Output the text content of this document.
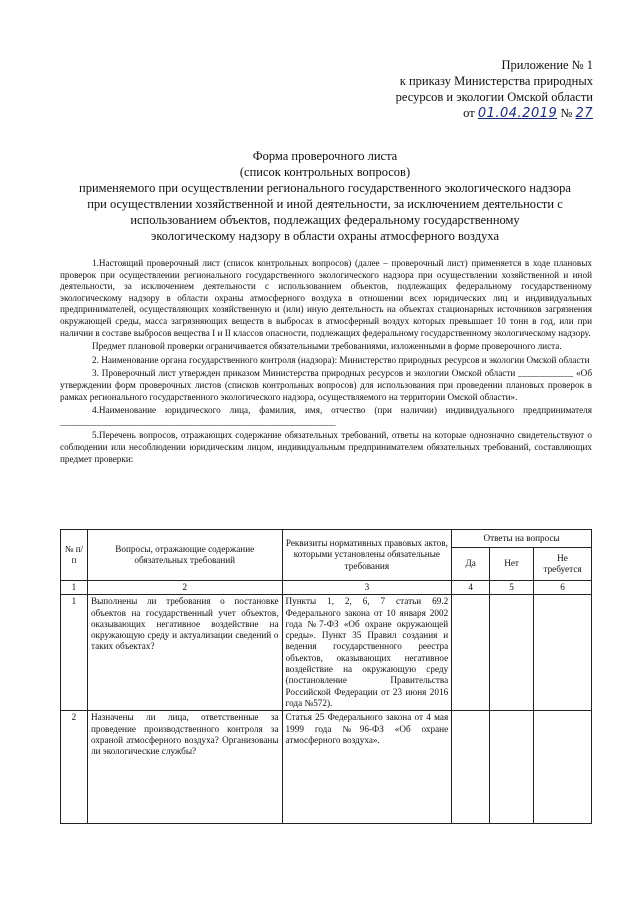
Приложение № 1
к приказу Министерства природных
ресурсов и экологии Омской области
от 01.04.2019 № 27
Форма проверочного листа
(список контрольных вопросов)
применяемого при осуществлении регионального государственного экологического надзора
при осуществлении хозяйственной и иной деятельности, за исключением деятельности с
использованием объектов, подлежащих федеральному государственному
экологическому надзору в области охраны атмосферного воздуха

1.Настоящий проверочный лист (список контрольных вопросов) (далее – проверочный лист) применяется в ходе плановых проверок при осуществлении регионального государственного экологического надзора при осуществлении хозяйственной и иной деятельности, за исключением деятельности с использованием объектов, подлежащих федеральному государственному экологическому надзору в области охраны атмосферного воздуха в отношении всех юридических лиц и индивидуальных предпринимателей, осуществляющих хозяйственную и (или) иную деятельность на объектах стационарных источников загрязнения окружающей среды, масса загрязняющих веществ в выбросах в атмосферный воздух которых превышает 10 тонн в год, или при наличии в составе выбросов вещества I и II классов опасности, подлежащих федеральному государственному экологическому надзору.

Предмет плановой проверки ограничивается обязательными требованиями, изложенными в форме проверочного листа.

2. Наименование органа государственного контроля (надзора): Министерство природных ресурсов и экологии Омской области

3. Проверочный лист утвержден приказом Министерства природных ресурсов и экологии Омской области ____________ «Об утверждении форм проверочных листов (списков контрольных вопросов) для использования при проведении плановых проверок в рамках регионального государственного экологического надзора, осуществляемого на территории Омской области».

4.Наименование юридического лица, фамилия, имя, отчество (при наличии) индивидуального предпринимателя ____________________________________________________________

5.Перечень вопросов, отражающих содержание обязательных требований, ответы на которые однозначно свидетельствуют о соблюдении или несоблюдении юридическим лицом, индивидуальным предпринимателем обязательных требований, составляющих предмет проверки:

№ п/п	Вопросы, отражающие содержание обязательных требований	Реквизиты нормативных правовых актов, которыми установлены обязательные требования	Ответы на вопросы		
			Да	Нет	Не требуется
1	2	3	4	5	6
1	Выполнены ли требования о постановке объектов на государственный учет объектов, оказывающих негативное воздействие на окружающую среду и актуализации сведений о таких объектах?	Пункты 1, 2, 6, 7 статьи 69.2 Федерального закона от 10 января 2002 года №7-ФЗ «Об охране окружающей среды». Пункт 35 Правил создания и ведения государственного реестра объектов, оказывающих негативное воздействие на окружающую среду (постановление Правительства Российской Федерации от 23 июня 2016 года №572).			
2	Назначены ли лица, ответственные за проведение производственного контроля за охраной атмосферного воздуха? Организованы ли экологические службы?	Статья 25 Федерального закона от 4 мая 1999 года №96-ФЗ «Об охране атмосферного воздуха».			
